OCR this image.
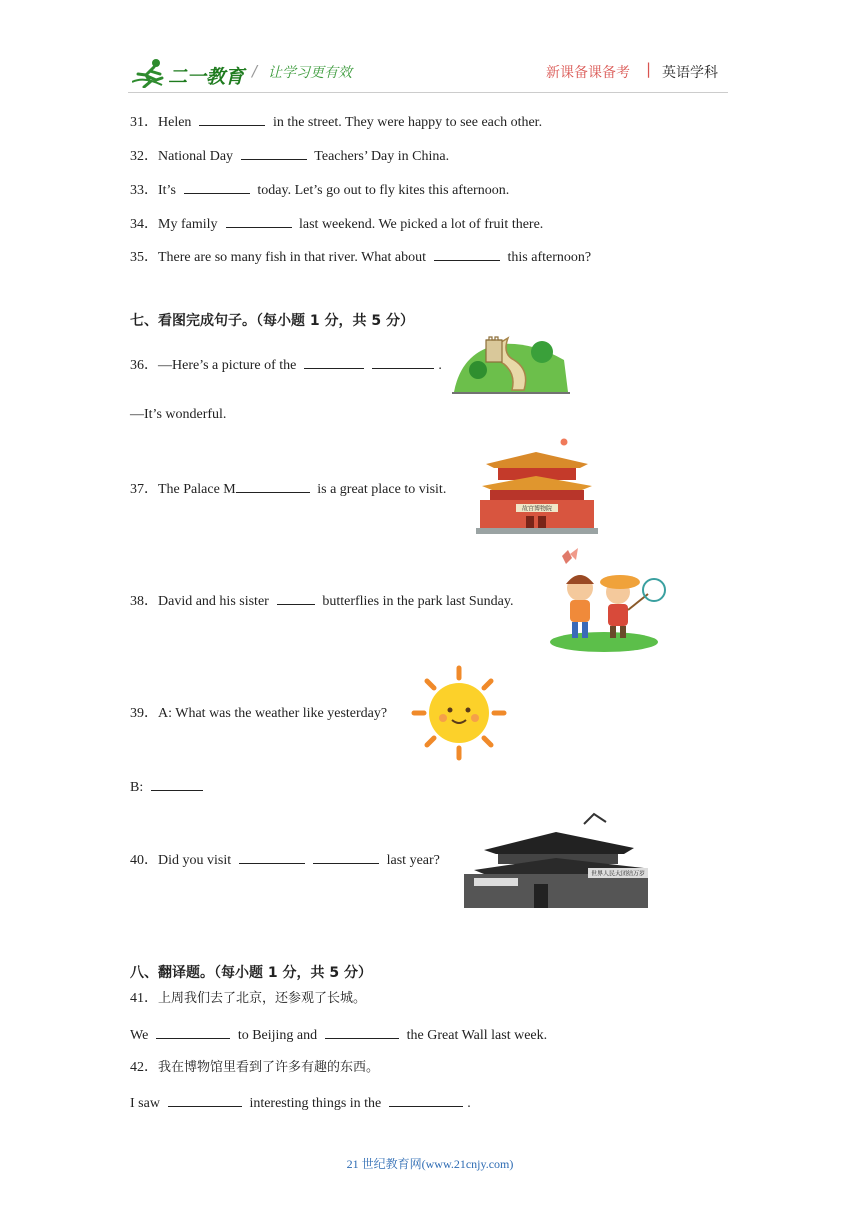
二一教育 / 让学习更有效	新课备课备考 | 英语学科
31．Helen	in the street. They were happy to see each other.
32．National Day	Teachers’ Day in China.
33．It’s	today. Let’s go out to fly kites this afternoon.
34．My family	last weekend. We picked a lot of fruit there.
35．There are so many fish in that river. What about	this afternoon?
七、看图完成句子。（每小题 1 分，共 5 分）
36．—Here’s a picture of the	.
—It’s wonderful.
37．The Palace M	is a great place to visit.
故宫博物院
38．David and his sister	butterflies in the park last Sunday.
39．A: What was the weather like yesterday?
B:
40．Did you visit	last year?
世界人民大团结万岁
八、翻译题。（每小题 1 分，共 5 分）
41．上周我们去了北京，还参观了长城。
We	to Beijing and	the Great Wall last week.
42．我在博物馆里看到了许多有趣的东西。
I saw	interesting things in the	.
21 世纪教育网(www.21cnjy.com)
